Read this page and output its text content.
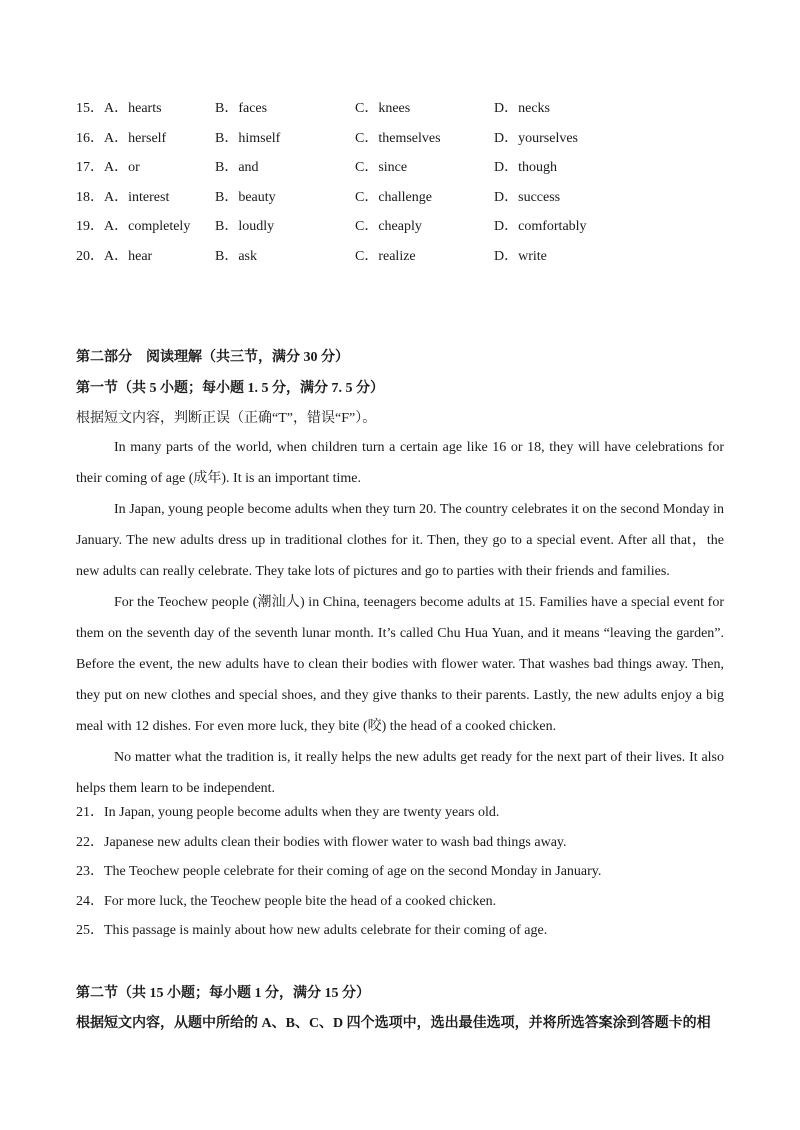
15．A．hearts	B．faces	C．knees	D．necks
16．A．herself	B．himself	C．themselves	D．yourselves
17．A．or	B．and	C．since	D．though
18．A．interest	B．beauty	C．challenge	D．success
19．A．completely B．loudly	C．cheaply	D．comfortably
20．A．hear	B．ask	C．realize	D．write
第二部分　阅读理解（共三节，满分 30 分）
第一节（共 5 小题；每小题 1. 5 分，满分 7. 5 分）
根据短文内容，判断正误（正确“T”，错误“F”）。

In many parts of the world, when children turn a certain age like 16 or 18, they will have celebrations for their coming of age (成年). It is an important time.

In Japan, young people become adults when they turn 20. The country celebrates it on the second Monday in January. The new adults dress up in traditional clothes for it. Then, they go to a special event. After all that，the new adults can really celebrate. They take lots of pictures and go to parties with their friends and families.

For the Teochew people (潮汕人) in China, teenagers become adults at 15. Families have a special event for them on the seventh day of the seventh lunar month. It’s called Chu Hua Yuan, and it means “leaving the garden”. Before the event, the new adults have to clean their bodies with flower water. That washes bad things away. Then, they put on new clothes and special shoes, and they give thanks to their parents. Lastly, the new adults enjoy a big meal with 12 dishes. For even more luck, they bite (咬) the head of a cooked chicken.

No matter what the tradition is, it really helps the new adults get ready for the next part of their lives. It also helps them learn to be independent.

21．In Japan, young people become adults when they are twenty years old.
22．Japanese new adults clean their bodies with flower water to wash bad things away.
23．The Teochew people celebrate for their coming of age on the second Monday in January.
24．For more luck, the Teochew people bite the head of a cooked chicken.
25．This passage is mainly about how new adults celebrate for their coming of age.
第二节（共 15 小题；每小题 1 分，满分 15 分）
根据短文内容，从题中所给的 A、B、C、D 四个选项中，选出最佳选项，并将所选答案涂到答题卡的相
